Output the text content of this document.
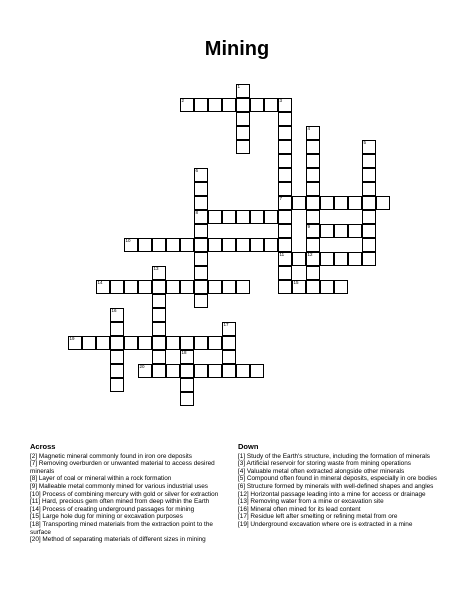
Mining
1
2	3
4
5
6
7
8
9
10
11	12
13
14	15
16
17
18
19
20
Across

[2] Magnetic mineral commonly found in iron ore deposits

[7] Removing overburden or unwanted material to access desired minerals

[8] Layer of coal or mineral within a rock formation

[9] Malleable metal commonly mined for various industrial uses

[10] Process of combining mercury with gold or silver for extraction

[11] Hard, precious gem often mined from deep within the Earth

[14] Process of creating underground passages for mining

[15] Large hole dug for mining or excavation purposes

[18] Transporting mined materials from the extraction point to the surface

[20] Method of separating materials of different sizes in mining

Down

[1] Study of the Earth's structure, including the formation of minerals

[3] Artificial reservoir for storing waste from mining operations

[4] Valuable metal often extracted alongside other minerals

[5] Compound often found in mineral deposits, especially in ore bodies

[6] Structure formed by minerals with well-defined shapes and angles

[12] Horizontal passage leading into a mine for access or drainage

[13] Removing water from a mine or excavation site

[16] Mineral often mined for its lead content

[17] Residue left after smelting or refining metal from ore

[19] Underground excavation where ore is extracted in a mine
